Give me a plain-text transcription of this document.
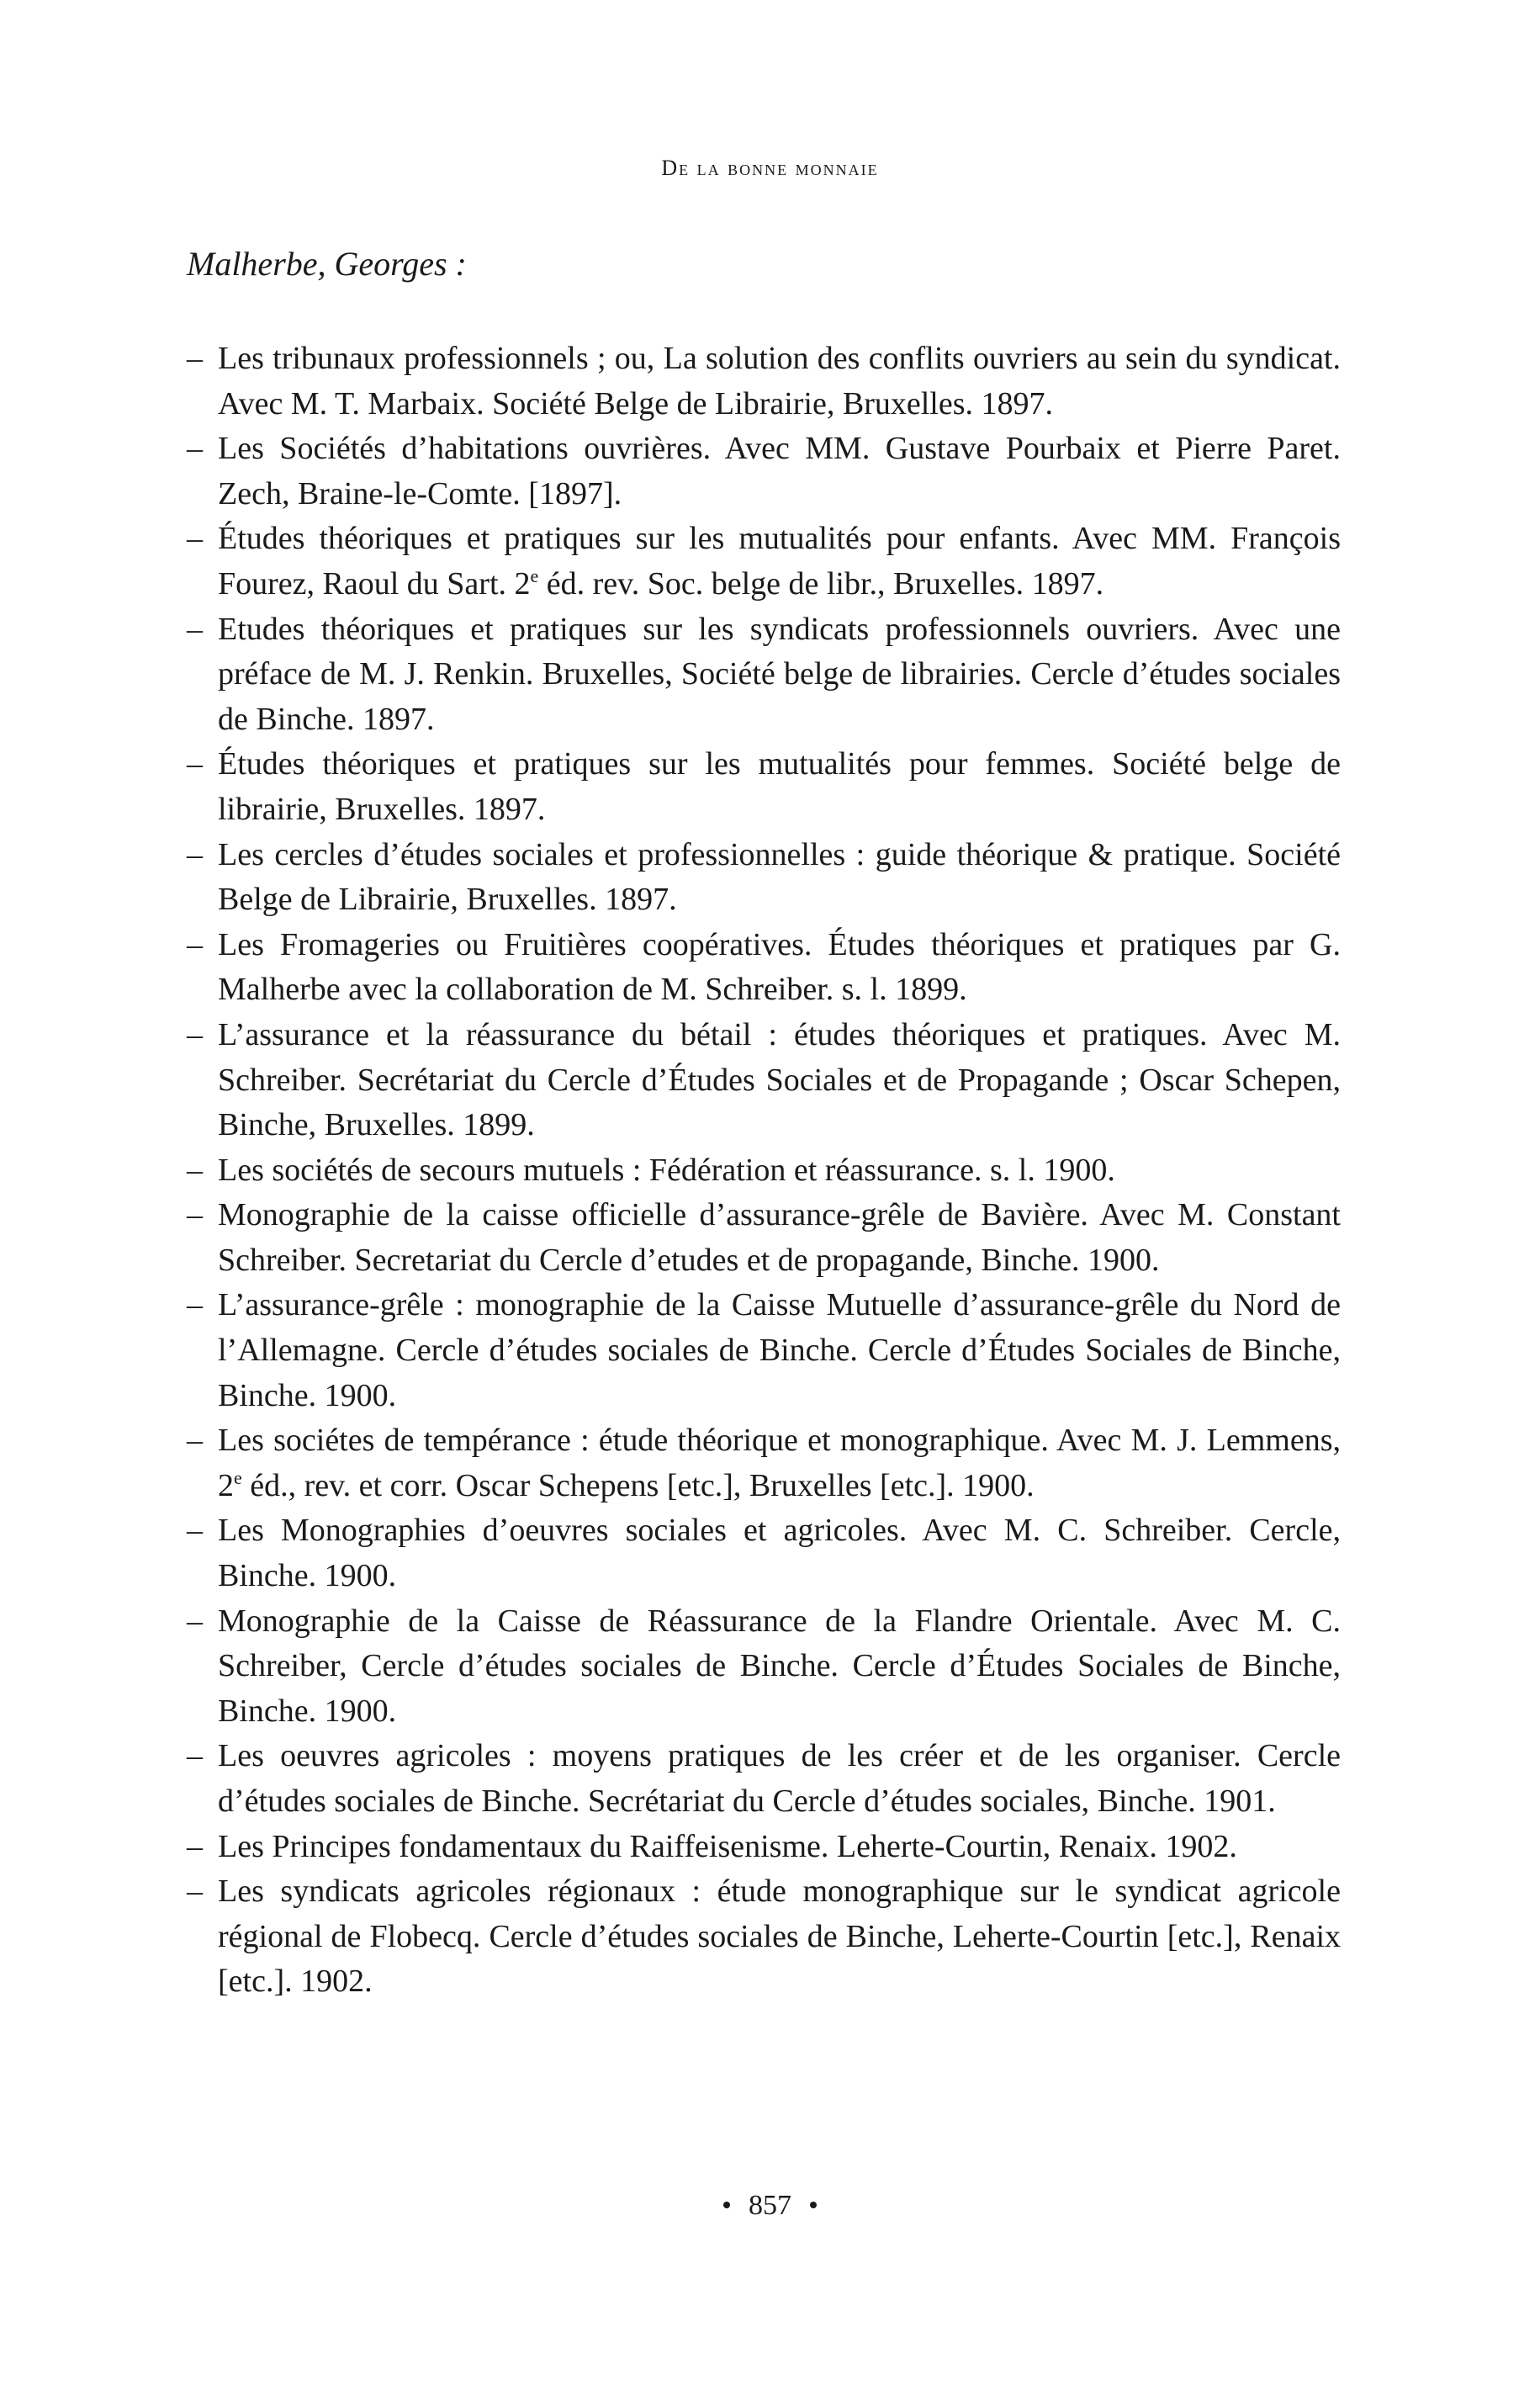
De la bonne monnaie
Malherbe, Georges :
– Les tribunaux professionnels ; ou, La solution des conflits ouvriers au sein du syndicat. Avec M. T. Marbaix. Société Belge de Librairie, Bruxelles. 1897.
– Les Sociétés d’habitations ouvrières. Avec MM. Gustave Pourbaix et Pierre Paret. Zech, Braine-le-Comte. [1897].
– Études théoriques et pratiques sur les mutualités pour enfants. Avec MM. François Fourez, Raoul du Sart. 2e éd. rev. Soc. belge de libr., Bruxelles. 1897.
– Etudes théoriques et pratiques sur les syndicats professionnels ouvriers. Avec une préface de M. J. Renkin. Bruxelles, Société belge de librairies. Cercle d’études sociales de Binche. 1897.
– Études théoriques et pratiques sur les mutualités pour femmes. Société belge de librairie, Bruxelles. 1897.
– Les cercles d’études sociales et professionnelles : guide théorique & pratique. Société Belge de Librairie, Bruxelles. 1897.
– Les Fromageries ou Fruitières coopératives. Études théoriques et pratiques par G. Malherbe avec la collaboration de M. Schreiber. s. l. 1899.
– L’assurance et la réassurance du bétail : études théoriques et pratiques. Avec M. Schreiber. Secrétariat du Cercle d’Études Sociales et de Propagande ; Oscar Schepen, Binche, Bruxelles. 1899.
– Les sociétés de secours mutuels : Fédération et réassurance. s. l. 1900.
– Monographie de la caisse officielle d’assurance-grêle de Bavière. Avec M. Constant Schreiber. Secretariat du Cercle d’etudes et de propagande, Binche. 1900.
– L’assurance-grêle : monographie de la Caisse Mutuelle d’assurance-grêle du Nord de l’Allemagne. Cercle d’études sociales de Binche. Cercle d’Études Sociales de Binche, Binche. 1900.
– Les sociétes de tempérance : étude théorique et monographique. Avec M. J. Lemmens, 2e éd., rev. et corr. Oscar Schepens [etc.], Bruxelles [etc.]. 1900.
– Les Monographies d’oeuvres sociales et agricoles. Avec M. C. Schreiber. Cercle, Binche. 1900.
– Monographie de la Caisse de Réassurance de la Flandre Orientale. Avec M. C. Schreiber, Cercle d’études sociales de Binche. Cercle d’Études Sociales de Binche, Binche. 1900.
– Les oeuvres agricoles : moyens pratiques de les créer et de les organiser. Cercle d’études sociales de Binche. Secrétariat du Cercle d’études sociales, Binche. 1901.
– Les Principes fondamentaux du Raiffeisenisme. Leherte-Courtin, Renaix. 1902.
– Les syndicats agricoles régionaux : étude monographique sur le syndicat agricole régional de Flobecq. Cercle d’études sociales de Binche, Leherte-Courtin [etc.], Renaix [etc.]. 1902.
857
